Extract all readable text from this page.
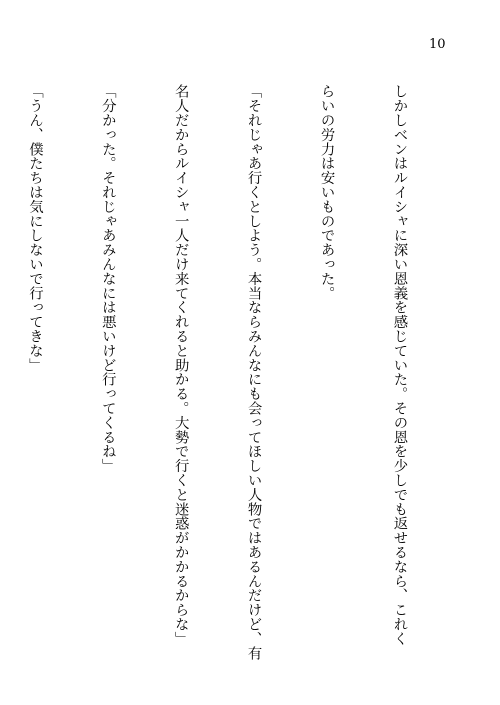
10

しかしベンはルイシャに深い恩義を感じていた。その恩を少しでも返せるなら、これく

らいの労力は安いものであった。

「それじゃあ行くとしよう。本当ならみんなにも会ってほしい人物ではあるんだけど、有

名人だからルイシャ一人だけ来てくれると助かる。大勢で行くと迷惑がかかるからな」

「分かった。それじゃあみんなには悪いけど行ってくるね」

「うん、僕たちは気にしないで行ってきな」
